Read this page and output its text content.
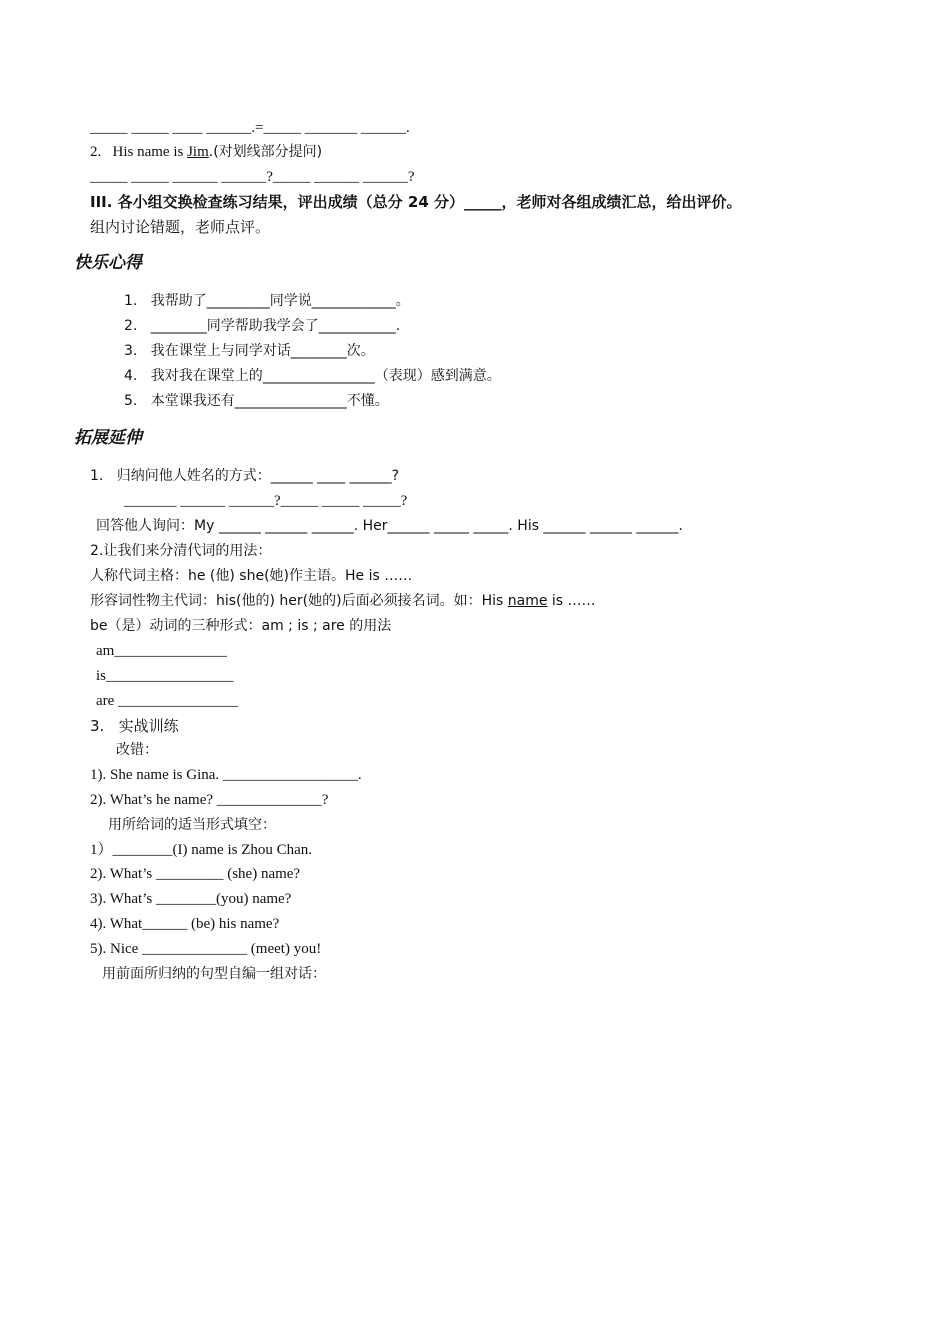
_____ _____ ____ ______.=_____ _______ ______.
2.   His name is Jim.(对划线部分提问)
_____ _____ ______ ______?_____ ______ ______?
III. 各小组交换检查练习结果，评出成绩（总分 24 分）_____，老师对各组成绩汇总，给出评价。
组内讨论错题，老师点评。
快乐心得
1.   我帮助了_________同学说____________。
2.   ________同学帮助我学会了___________.
3.   我在课堂上与同学对话________次。
4.   我对我在课堂上的________________（表现）感到满意。
5.   本堂课我还有________________不懂。
拓展延伸
1.   归纳问他人姓名的方式：______ ____ ______?
_______ ______ ______?_____ _____ _____?
回答他人询问：My ______ ______ ______. Her______ _____ _____. His ______ ______ ______.
2.让我们来分清代词的用法：
人称代词主格：he (他) she(她)作主语。He is ……
形容词性物主代词：his(他的) her(她的)后面必须接名词。如：His name is ……
be（是）动词的三种形式：am ; is ; are 的用法
am_______________
is_________________
are ________________
3.   实战训练
改错：
1). She name is Gina. __________________.
2). What’s he name? ______________?
用所给词的适当形式填空：
1）________(I) name is Zhou Chan.
2). What’s _________ (she) name?
3). What’s ________(you) name?
4). What______ (be) his name?
5). Nice ______________ (meet) you!
用前面所归纳的句型自编一组对话：
